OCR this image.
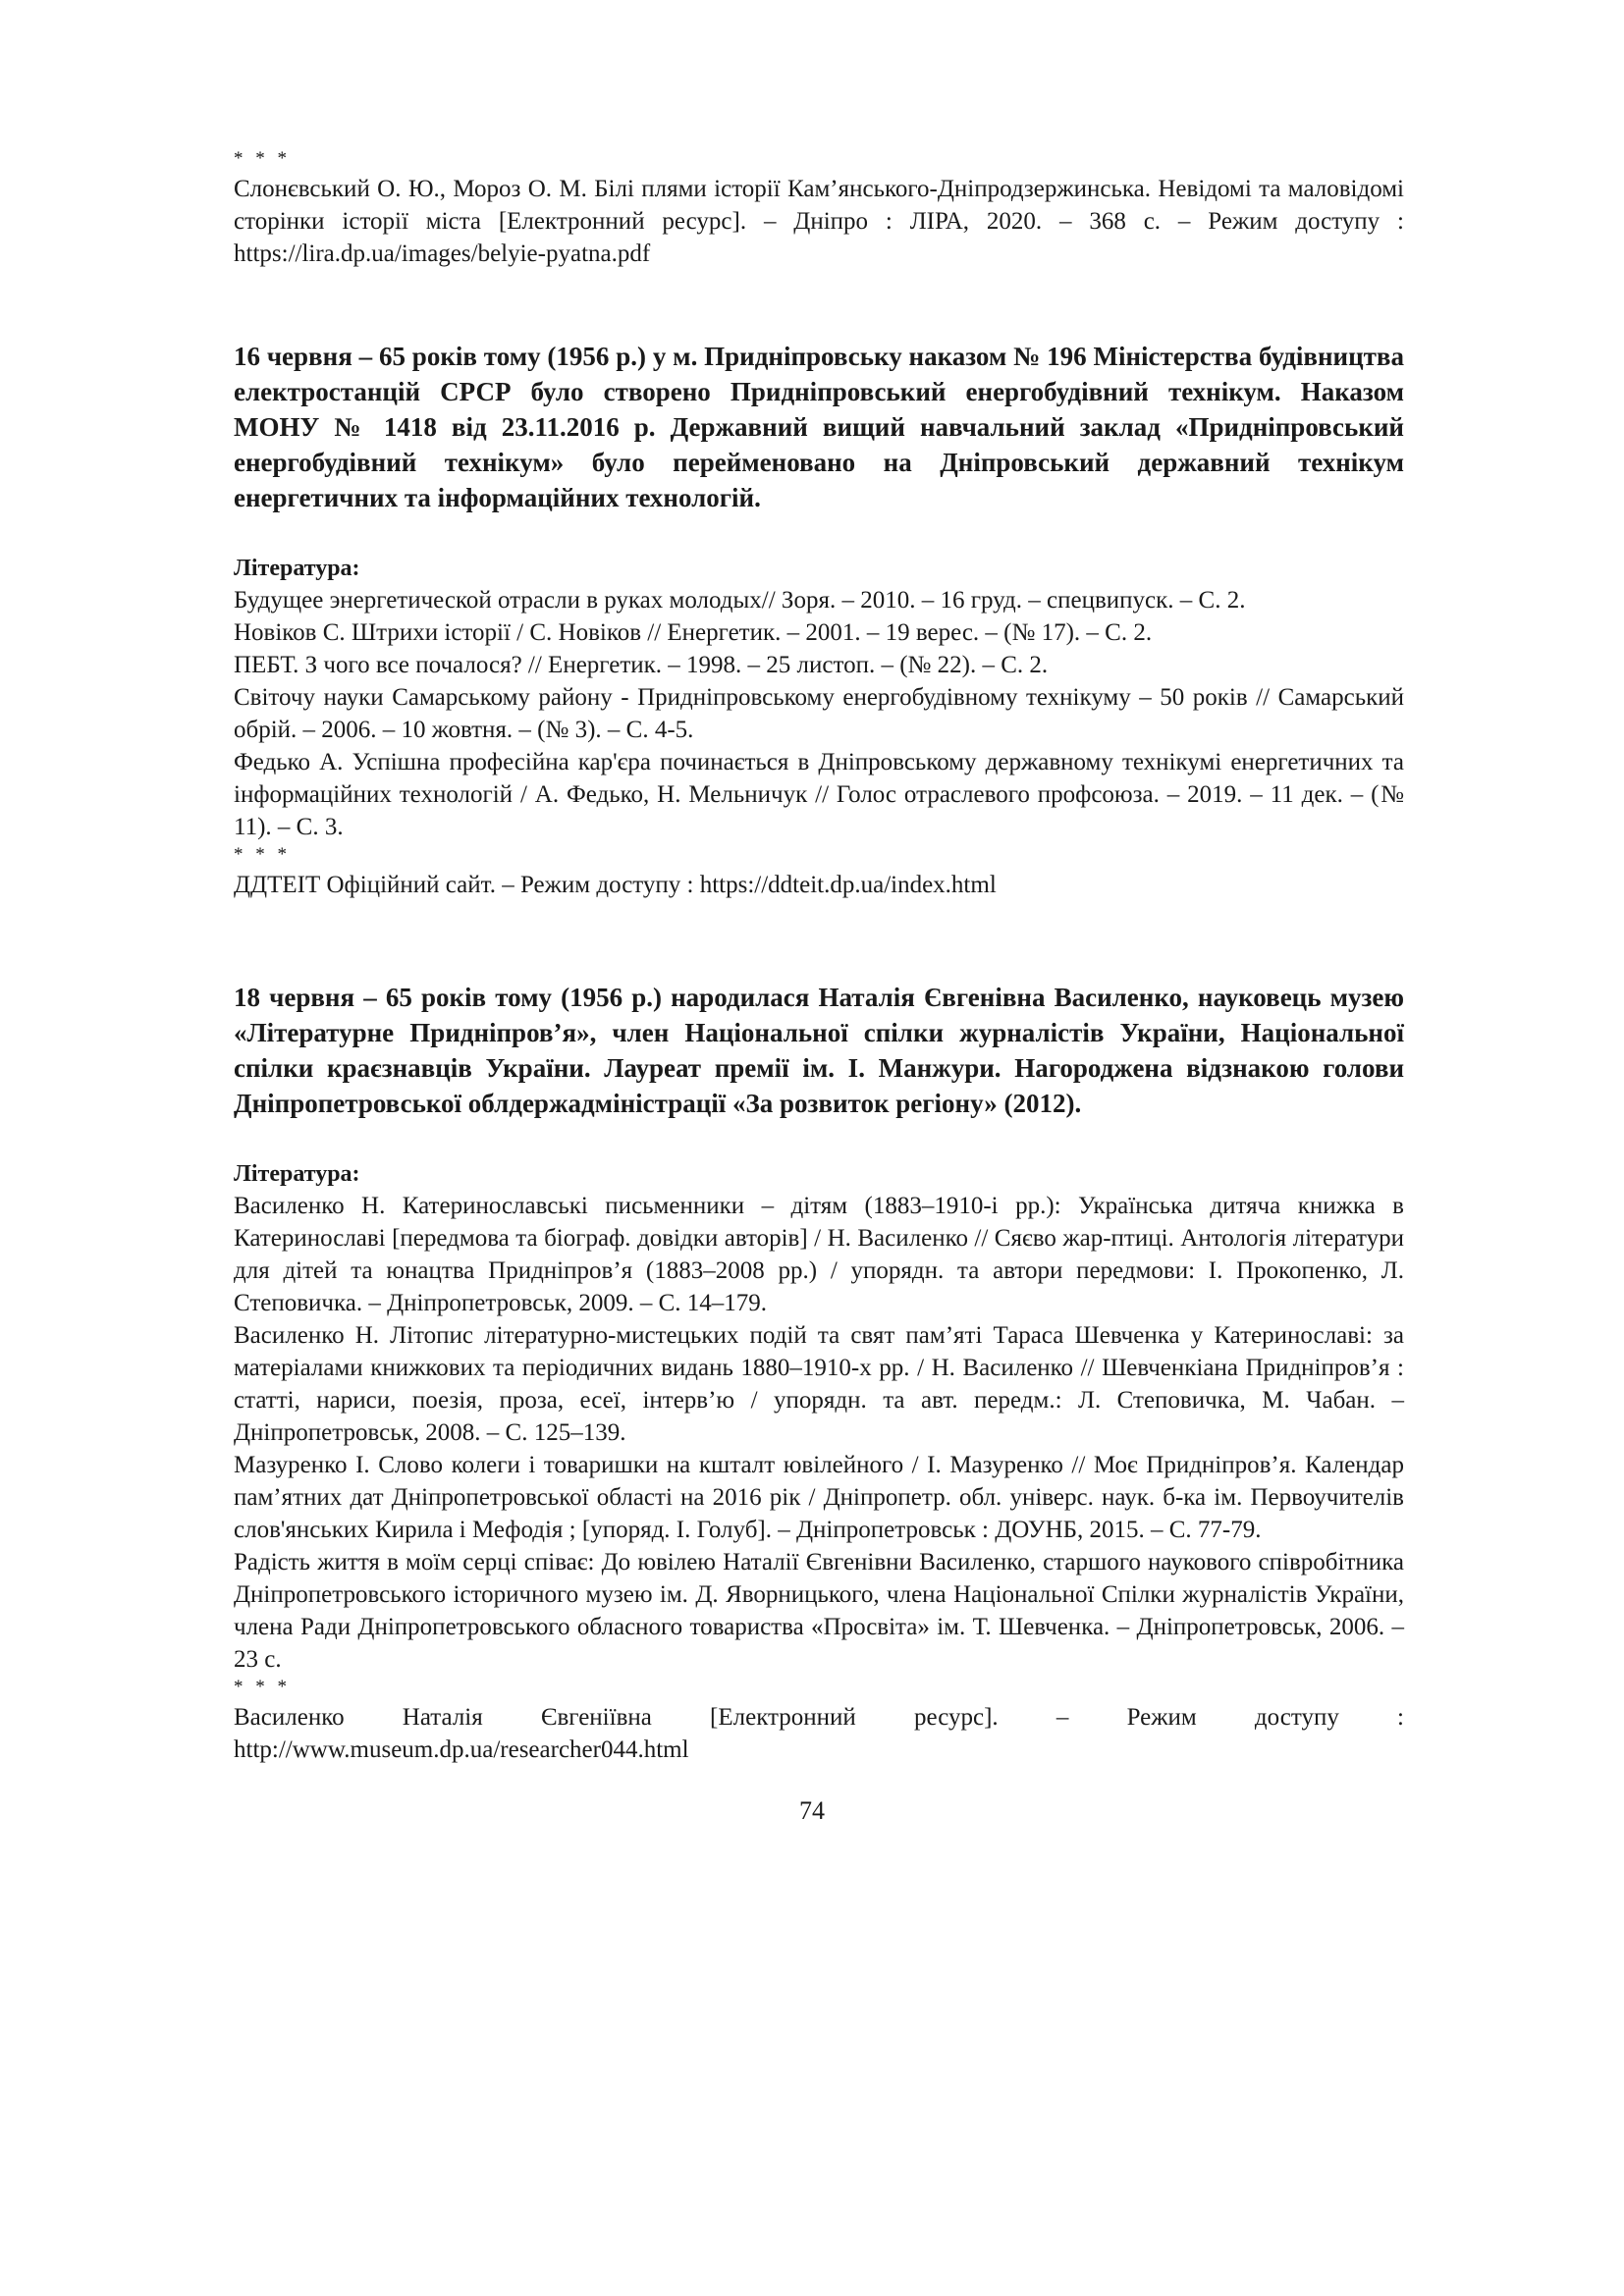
* * *

Слонєвський О. Ю., Мороз О. М. Білі плями історії Кам’янського-Дніпродзержинська. Невідомі та маловідомі сторінки історії міста [Електронний ресурс]. – Дніпро : ЛІРА, 2020. – 368 с. – Режим доступу : https://lira.dp.ua/images/belyie-pyatna.pdf

16 червня – 65 років тому (1956 р.) у м. Придніпровську наказом № 196 Міністерства будівництва електростанцій СРСР було створено Придніпровський енергобудівний технікум. Наказом МОНУ № 1418 від 23.11.2016 р. Державний вищий навчальний заклад «Придніпровський енергобудівний технікум» було перейменовано на Дніпровський державний технікум енергетичних та інформаційних технологій.

Література:

Будущее энергетической отрасли в руках молодых// Зоря. – 2010. – 16 груд. – спецвипуск. – С. 2.

Новіков С. Штрихи історії / С. Новіков // Енергетик. – 2001. – 19 верес. – (№ 17). – С. 2.

ПЕБТ. З чого все почалося? // Енергетик. – 1998. – 25 листоп. – (№ 22). – С. 2.

Світочу науки Самарському району - Придніпровському енергобудівному технікуму – 50 років // Самарський обрій. – 2006. – 10 жовтня. – (№ 3). – С. 4-5.

Федько А. Успішна професійна кар'єра починається в Дніпровському державному технікумі енергетичних та інформаційних технологій / А. Федько, Н. Мельничук // Голос отраслевого профсоюза. – 2019. – 11 дек. – (№ 11). – С. 3.

* * *

ДДТЕІТ Офіційний сайт. – Режим доступу : https://ddteit.dp.ua/index.html

18 червня – 65 років тому (1956 р.) народилася Наталія Євгенівна Василенко, науковець музею «Літературне Придніпров’я», член Національної спілки журналістів України, Національної спілки краєзнавців України. Лауреат премії ім. І. Манжури. Нагороджена відзнакою голови Дніпропетровської облдержадміністрації «За розвиток регіону» (2012).

Література:

Василенко Н. Катеринославські письменники – дітям (1883–1910-і рр.): Українська дитяча книжка в Катеринославі [передмова та біограф. довідки авторів] / Н. Василенко // Сяєво жар-птиці. Антологія літератури для дітей та юнацтва Придніпров’я (1883–2008 рр.) / упорядн. та автори передмови: І. Прокопенко, Л. Степовичка. – Дніпропетровськ, 2009. – С. 14–179.

Василенко Н. Літопис літературно-мистецьких подій та свят пам’яті Тараса Шевченка у Катеринославі: за матеріалами книжкових та періодичних видань 1880–1910-х рр. / Н. Василенко // Шевченкіана Придніпров’я : статті, нариси, поезія, проза, есеї, інтерв’ю / упорядн. та авт. передм.: Л. Степовичка, М. Чабан. – Дніпропетровськ, 2008. – С. 125–139.

Мазуренко І. Слово колеги і товаришки на кшталт ювілейного / І. Мазуренко // Моє Придніпров’я. Календар пам’ятних дат Дніпропетровської області на 2016 рік / Дніпропетр. обл. універс. наук. б-ка ім. Первоучителів слов'янських Кирила і Мефодія ; [упоряд. І. Голуб]. – Дніпропетровськ : ДОУНБ, 2015. – С. 77-79.

Радість життя в моїм серці співає: До ювілею Наталії Євгенівни Василенко, старшого наукового співробітника Дніпропетровського історичного музею ім. Д. Яворницького, члена Національної Спілки журналістів України, члена Ради Дніпропетровського обласного товариства «Просвіта» ім. Т. Шевченка. – Дніпропетровськ, 2006. – 23 с.

* * *

Василенко Наталія Євгеніївна [Електронний ресурс]. – Режим доступу : http://www.museum.dp.ua/researcher044.html

74
